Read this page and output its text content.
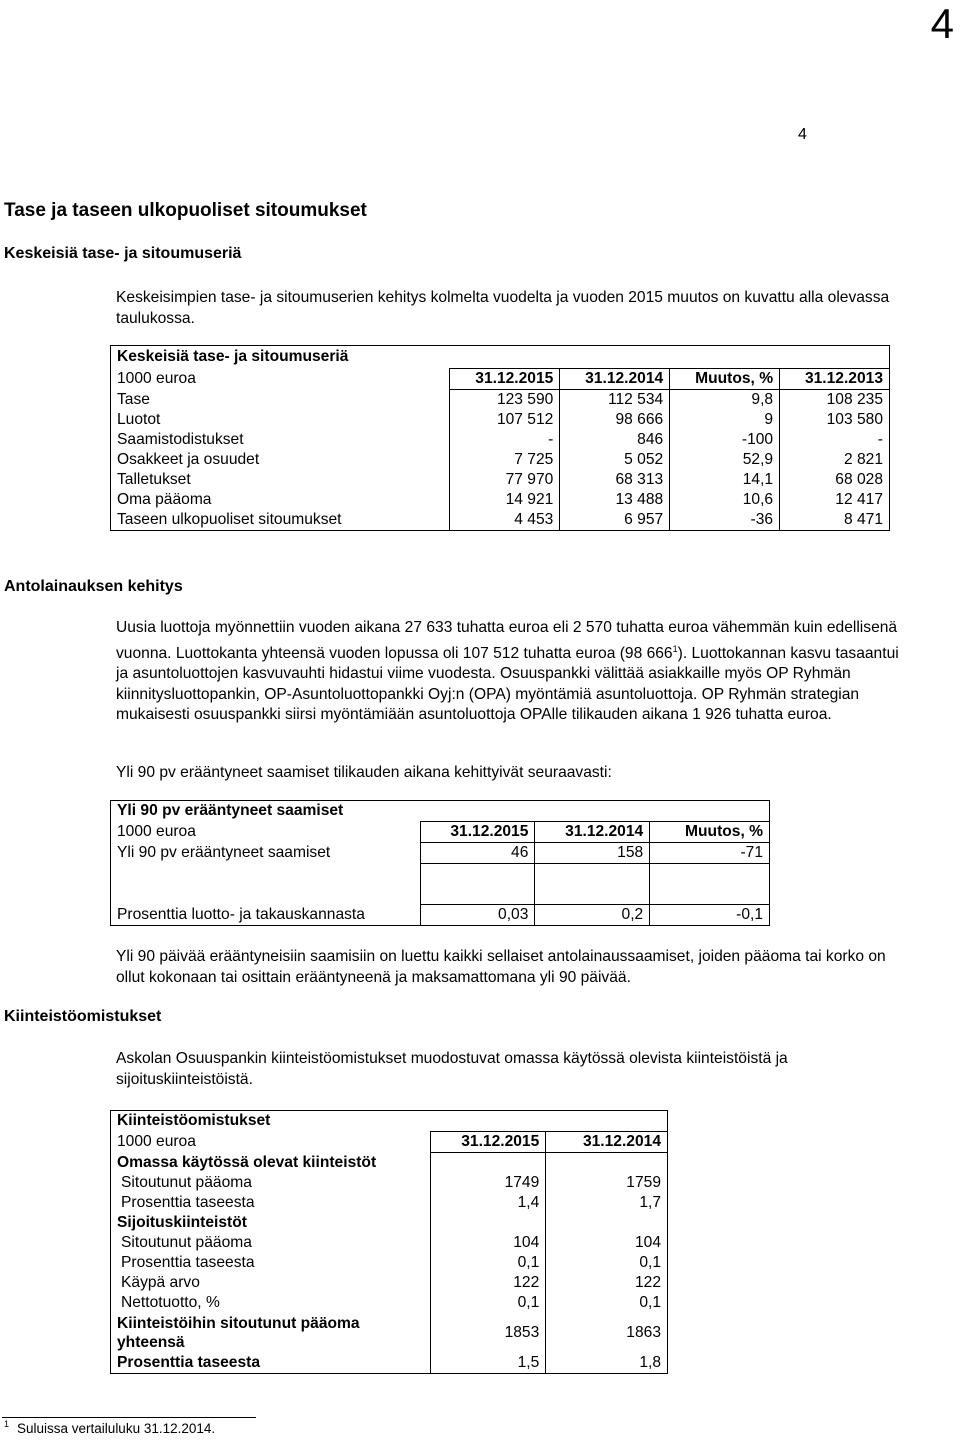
4
4
Tase ja taseen ulkopuoliset sitoumukset
Keskeisiä tase- ja sitoumuseriä
Keskeisimpien tase- ja sitoumuserien kehitys kolmelta vuodelta ja vuoden 2015 muutos on kuvattu alla olevassa taulukossa.
Keskeisiä tase- ja sitoumuseriä				
1000 euroa	31.12.2015	31.12.2014	Muutos, %	31.12.2013
Tase	123 590	112 534	9,8	108 235
Luotot	107 512	98 666	9	103 580
Saamistodistukset	-	846	-100	-
Osakkeet ja osuudet	7 725	5 052	52,9	2 821
Talletukset	77 970	68 313	14,1	68 028
Oma pääoma	14 921	13 488	10,6	12 417
Taseen ulkopuoliset sitoumukset	4 453	6 957	-36	8 471
Antolainauksen kehitys

Uusia luottoja myönnettiin vuoden aikana 27 633 tuhatta euroa eli 2 570 tuhatta euroa vähemmän kuin edellisenä vuonna. Luottokanta yhteensä vuoden lopussa oli 107 512 tuhatta euroa (98 666$^1$). Luottokannan kasvu tasaantui ja asuntoluottojen kasvuvauhti hidastui viime vuodesta. Osuuspankki välittää asiakkaille myös OP Ryhmän kiinnitysluottopankin, OP-Asuntoluottopankki Oyj:n (OPA) myöntämiä asuntoluottoja. OP Ryhmän strategian mukaisesti osuuspankki siirsi myöntämiään asuntoluottoja OPAlle tilikauden aikana 1 926 tuhatta euroa.

Yli 90 pv erääntyneet saamiset tilikauden aikana kehittyivät seuraavasti:
Yli 90 pv erääntyneet saamiset			
1000 euroa	31.12.2015	31.12.2014	Muutos, %
Yli 90 pv erääntyneet saamiset	46	158	-71

Prosenttia luotto- ja takauskannasta	0,03	0,2	-0,1
Yli 90 päivää erääntyneisiin saamisiin on luettu kaikki sellaiset antolainaussaamiset, joiden pääoma tai korko on ollut kokonaan tai osittain erääntyneenä ja maksamattomana yli 90 päivää.
Kiinteistöomistukset
Askolan Osuuspankin kiinteistöomistukset muodostuvat omassa käytössä olevista kiinteistöistä ja sijoituskiinteistöistä.
Kiinteistöomistukset		
1000 euroa	31.12.2015	31.12.2014
Omassa käytössä olevat kiinteistöt		
Sitoutunut pääoma	1749	1759
Prosenttia taseesta	1,4	1,7
Sijoituskiinteistöt		
Sitoutunut pääoma	104	104
Prosenttia taseesta	0,1	0,1
Käypä arvo	122	122
Nettotuotto, %	0,1	0,1
Kiinteistöihin sitoutunut pääoma
yhteensä	1853	1863
Prosenttia taseesta	1,5	1,8
$^1$ Suluissa vertailuluku 31.12.2014.
